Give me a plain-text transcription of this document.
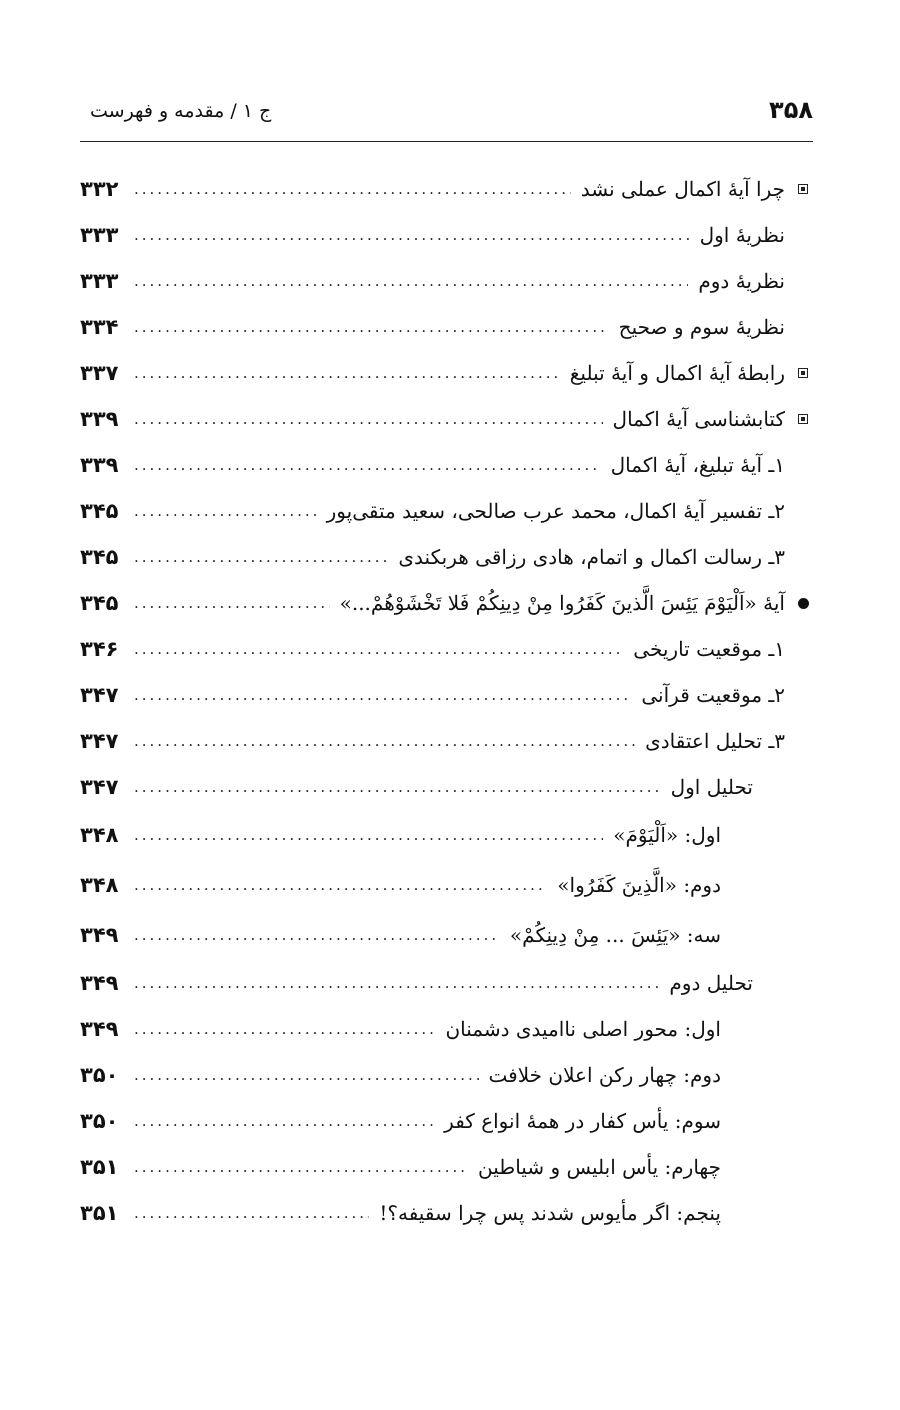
۳۵۸
ج ۱ / مقدمه و فهرست
چرا آیهٔ اکمال عملی نشد
.....
۳۳۲
نظریهٔ اول
.....
۳۳۳
نظریهٔ دوم
.....
۳۳۳
نظریهٔ سوم و صحیح
.....
۳۳۴
رابطهٔ آیهٔ اکمال و آیهٔ تبلیغ
.....
۳۳۷
کتابشناسی آیهٔ اکمال
.....
۳۳۹
۱ـ آیهٔ تبلیغ، آیهٔ اکمال
.....
۳۳۹
۲ـ تفسیر آیهٔ اکمال، محمد عرب صالحی، سعید متقی‌پور
.....
۳۴۵
۳ـ رسالت اکمال و اتمام، هادی رزاقی هربکندی
.....
۳۴۵
آیهٔ «اَلْيَوْمَ يَئِسَ الَّذينَ كَفَرُوا مِنْ دِينِكُمْ فَلا تَخْشَوْهُمْ...»
.....
۳۴۵
۱ـ موقعیت تاریخی
.....
۳۴۶
۲ـ موقعیت قرآنی
.....
۳۴۷
۳ـ تحلیل اعتقادی
.....
۳۴۷
تحلیل اول
.....
۳۴۷
اول: «اَلْيَوْمَ»
.....
۳۴۸
دوم: «الَّذِينَ كَفَرُوا»
.....
۳۴۸
سه: «يَئِسَ ... مِنْ دِينِكُمْ»
.....
۳۴۹
تحلیل دوم
.....
۳۴۹
اول: محور اصلی ناامیدی دشمنان
.....
۳۴۹
دوم: چهار رکن اعلان خلافت
.....
۳۵۰
سوم: یأس کفار در همهٔ انواع کفر
.....
۳۵۰
چهارم: یأس ابلیس و شیاطین
.....
۳۵۱
پنجم: اگر مأیوس شدند پس چرا سقیفه؟!
.....
۳۵۱
